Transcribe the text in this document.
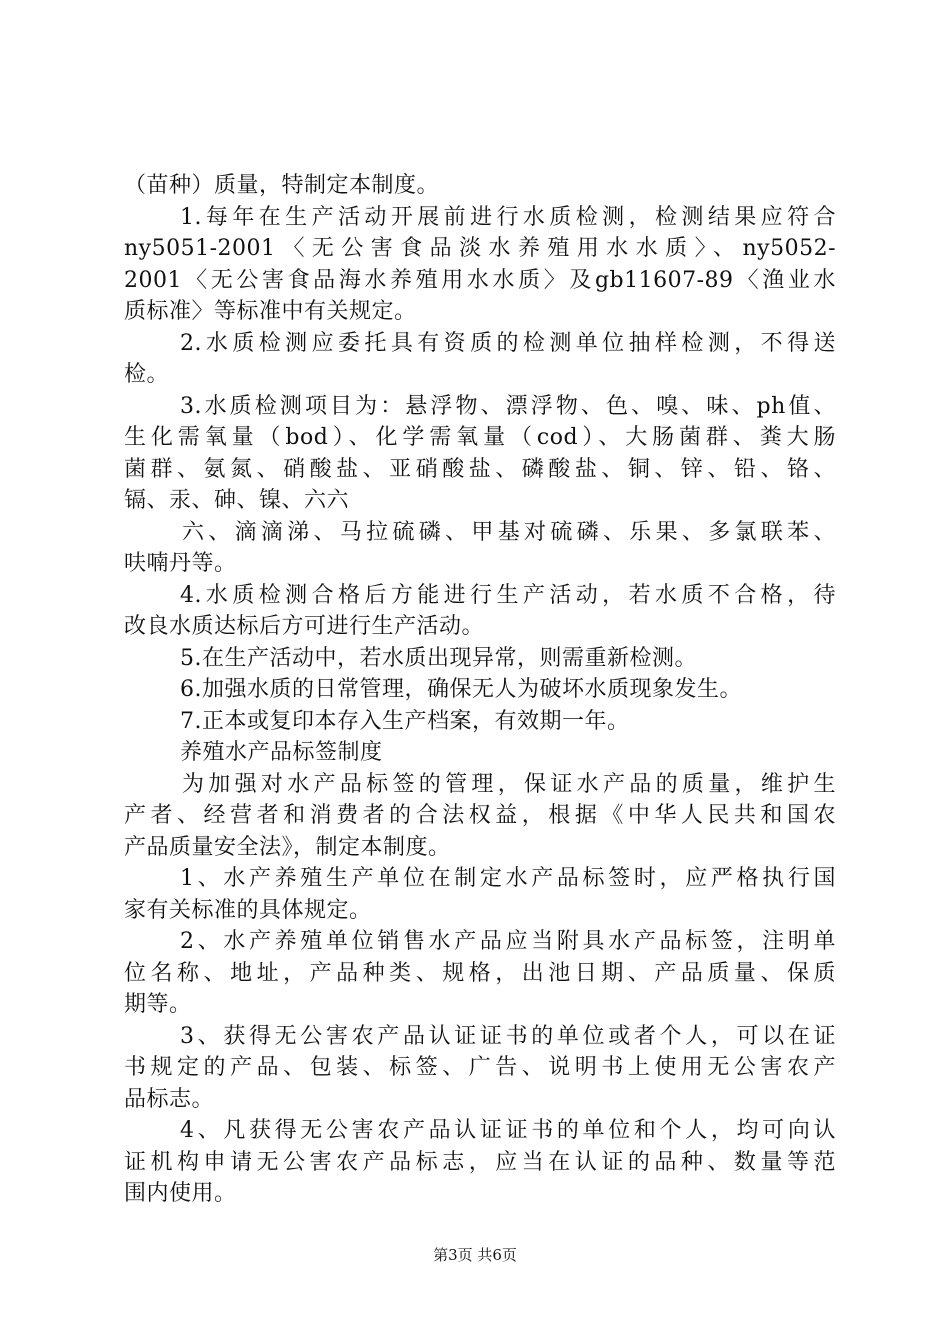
（苗种）质量，特制定本制度。
1.每年在生产活动开展前进行水质检测，检测结果应符合
ny5051-2001〈无公害食品淡水养殖用水水质〉、ny5052-
2001〈无公害食品海水养殖用水水质〉及gb11607-89〈渔业水
质标准〉等标准中有关规定。
2.水质检测应委托具有资质的检测单位抽样检测，不得送
检。
3.水质检测项目为：悬浮物、漂浮物、色、嗅、味、ph值、
生化需氧量（bod）、化学需氧量（cod）、大肠菌群、粪大肠
菌群、氨氮、硝酸盐、亚硝酸盐、磷酸盐、铜、锌、铅、铬、
镉、汞、砷、镍、六六
六、滴滴涕、马拉硫磷、甲基对硫磷、乐果、多氯联苯、
呋喃丹等。
4.水质检测合格后方能进行生产活动，若水质不合格，待
改良水质达标后方可进行生产活动。
5.在生产活动中，若水质出现异常，则需重新检测。
6.加强水质的日常管理，确保无人为破坏水质现象发生。
7.正本或复印本存入生产档案，有效期一年。
养殖水产品标签制度
为加强对水产品标签的管理，保证水产品的质量，维护生
产者、经营者和消费者的合法权益，根据《中华人民共和国农
产品质量安全法》，制定本制度。
1、水产养殖生产单位在制定水产品标签时，应严格执行国
家有关标准的具体规定。
2、水产养殖单位销售水产品应当附具水产品标签，注明单
位名称、地址，产品种类、规格，出池日期、产品质量、保质
期等。
3、获得无公害农产品认证证书的单位或者个人，可以在证
书规定的产品、包装、标签、广告、说明书上使用无公害农产
品标志。
4、凡获得无公害农产品认证证书的单位和个人，均可向认
证机构申请无公害农产品标志，应当在认证的品种、数量等范
围内使用。
第3页 共6页
